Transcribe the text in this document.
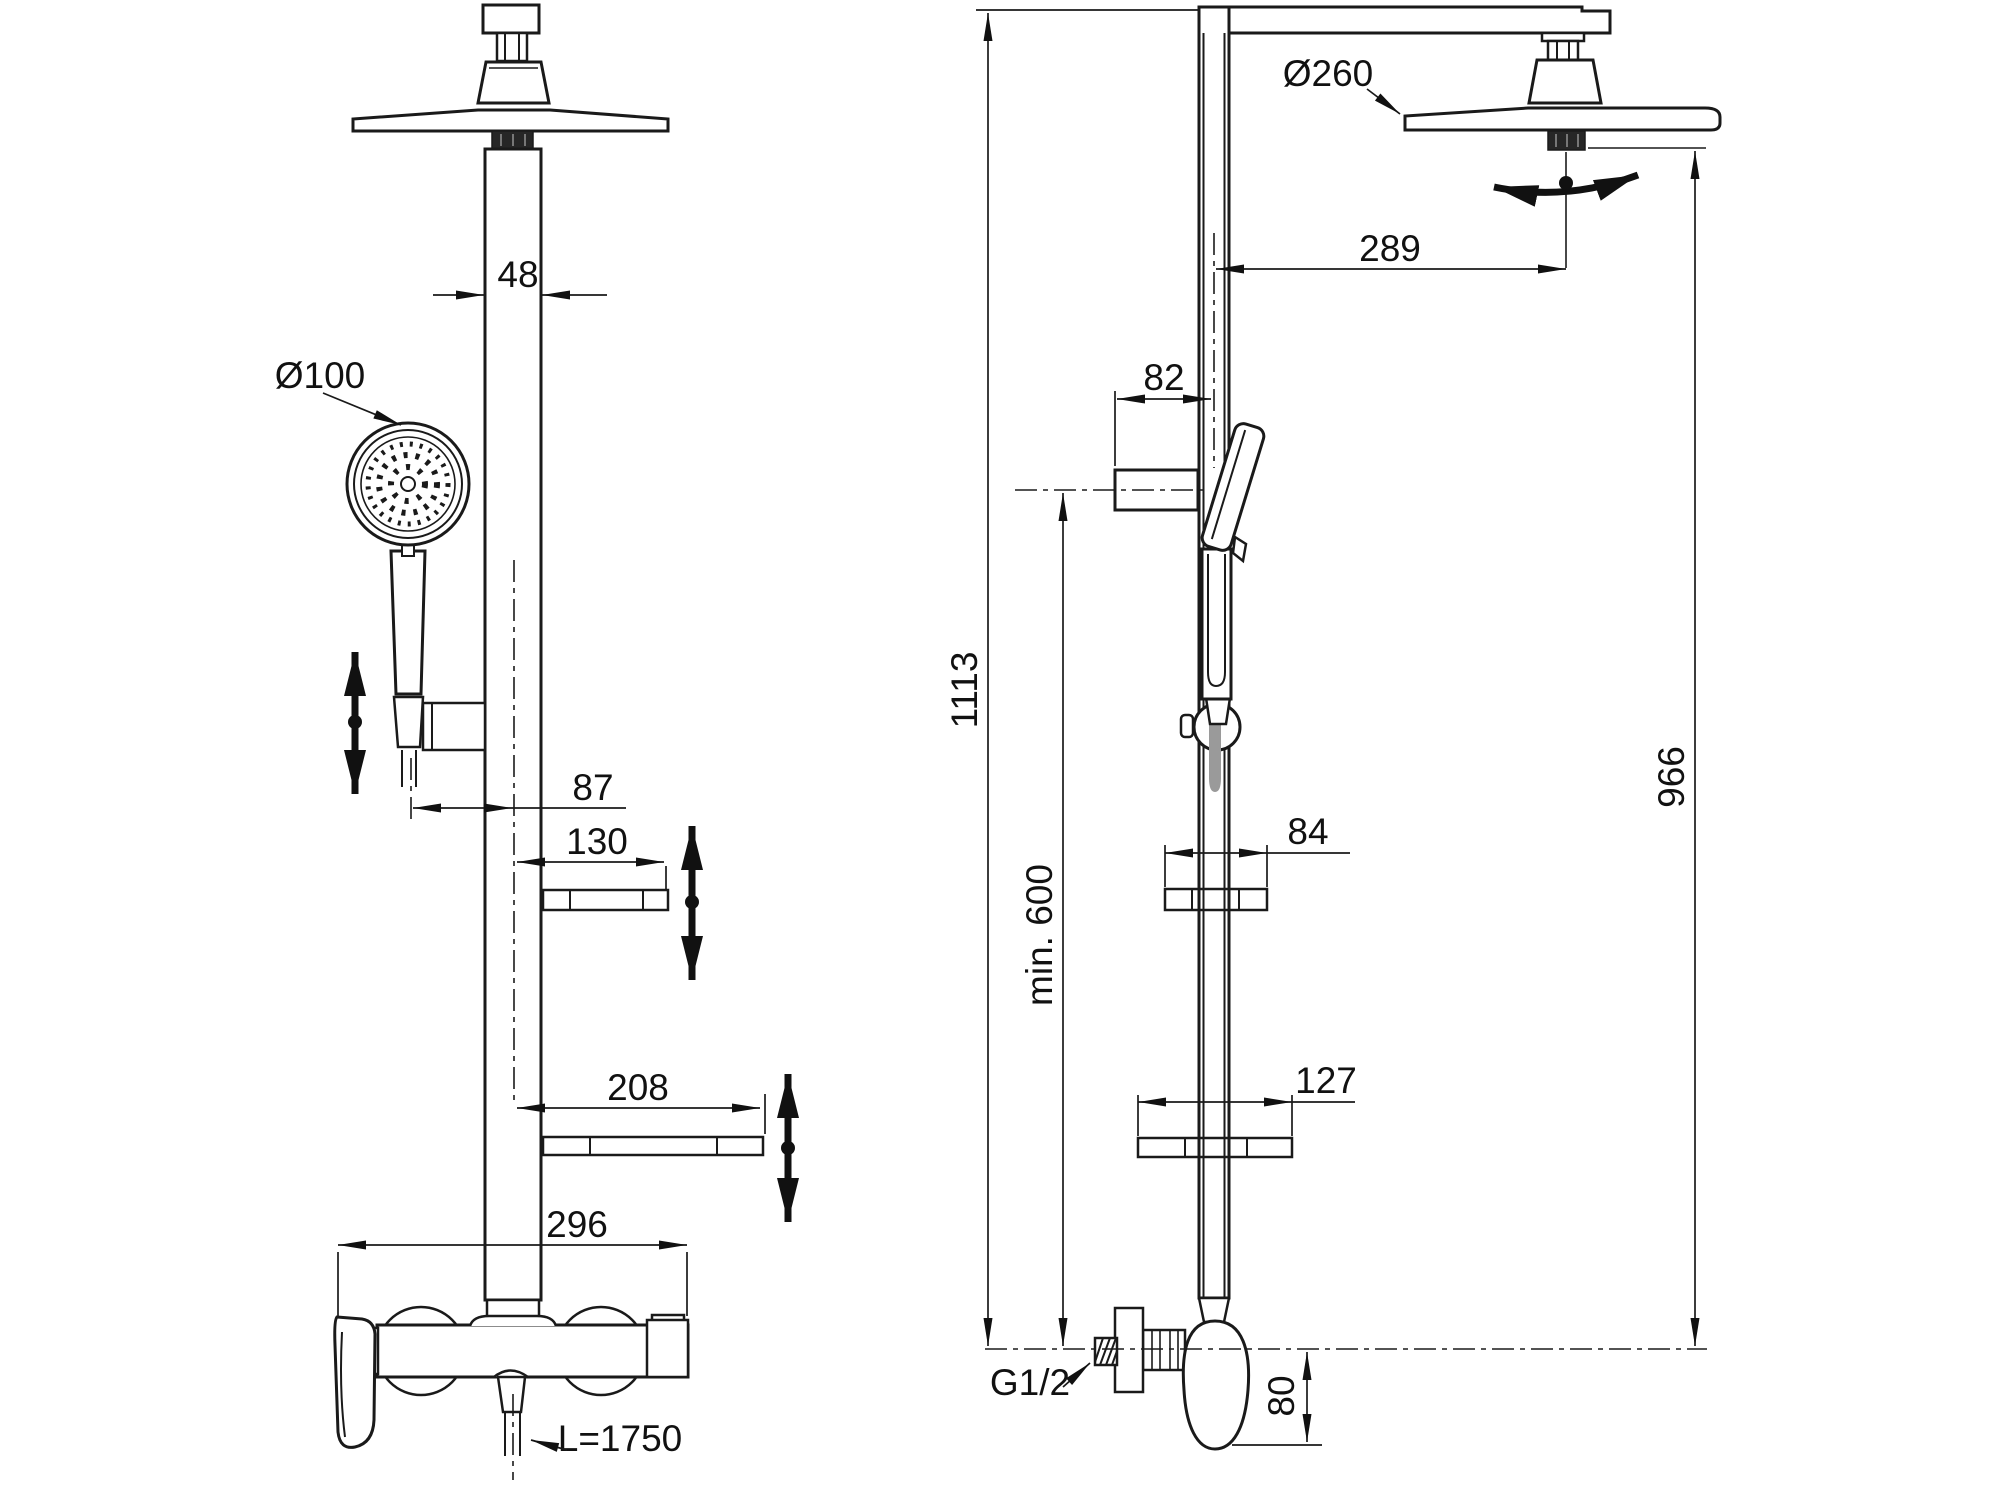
48
Ø100
87
130
208
296
L=1750
Ø260
289
82
1113
min. 600
84
127
966
G1/2	80
